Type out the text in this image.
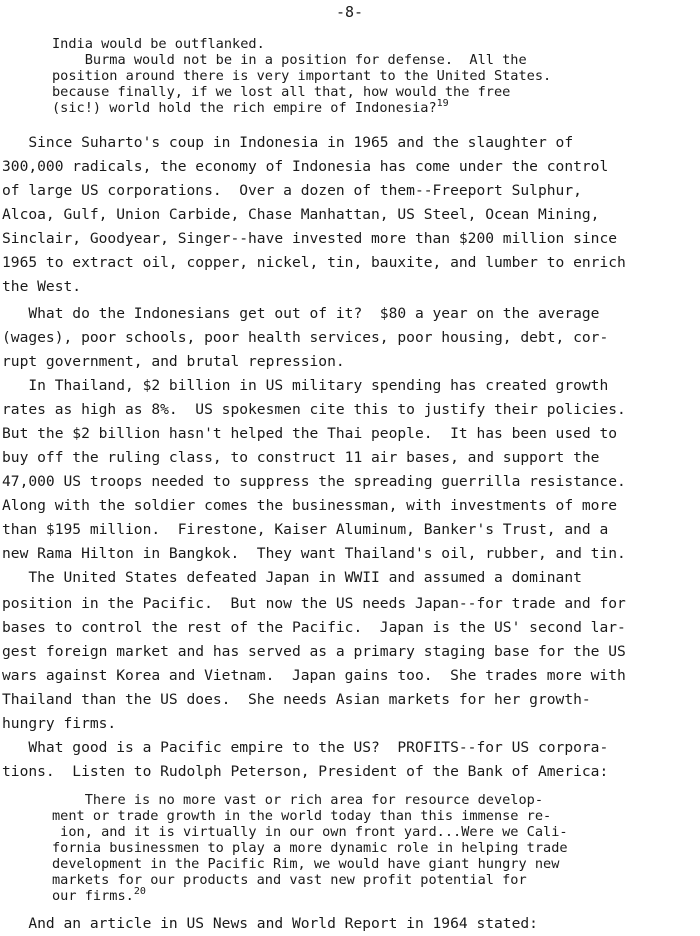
-8-
India would be outflanked.
Burma would not be in a position for defense.  All the
position around there is very important to the United States.
because finally, if we lost all that, how would the free
(sic!) world hold the rich empire of Indonesia?$^{19}$
Since Suharto's coup in Indonesia in 1965 and the slaughter of
300,000 radicals, the economy of Indonesia has come under the control
of large US corporations.  Over a dozen of them--Freeport Sulphur,
Alcoa, Gulf, Union Carbide, Chase Manhattan, US Steel, Ocean Mining,
Sinclair, Goodyear, Singer--have invested more than $200 million since
1965 to extract oil, copper, nickel, tin, bauxite, and lumber to enrich
the West.
What do the Indonesians get out of it?  $80 a year on the average
(wages), poor schools, poor health services, poor housing, debt, cor-
rupt government, and brutal repression.
In Thailand, $2 billion in US military spending has created growth
rates as high as 8%.  US spokesmen cite this to justify their policies.
But the $2 billion hasn't helped the Thai people.  It has been used to
buy off the ruling class, to construct 11 air bases, and support the
47,000 US troops needed to suppress the spreading guerrilla resistance.
Along with the soldier comes the businessman, with investments of more
than $195 million.  Firestone, Kaiser Aluminum, Banker's Trust, and a
new Rama Hilton in Bangkok.  They want Thailand's oil, rubber, and tin.
The United States defeated Japan in WWII and assumed a dominant
position in the Pacific.  But now the US needs Japan--for trade and for
bases to control the rest of the Pacific.  Japan is the US' second lar-
gest foreign market and has served as a primary staging base for the US
wars against Korea and Vietnam.  Japan gains too.  She trades more with
Thailand than the US does.  She needs Asian markets for her growth-
hungry firms.
What good is a Pacific empire to the US?  PROFITS--for US corpora-
tions.  Listen to Rudolph Peterson, President of the Bank of America:
There is no more vast or rich area for resource develop-
ment or trade growth in the world today than this immense re-
ion, and it is virtually in our own front yard...Were we Cali-
fornia businessmen to play a more dynamic role in helping trade
development in the Pacific Rim, we would have giant hungry new
markets for our products and vast new profit potential for
our firms.$^{20}$
And an article in US News and World Report in 1964 stated:
